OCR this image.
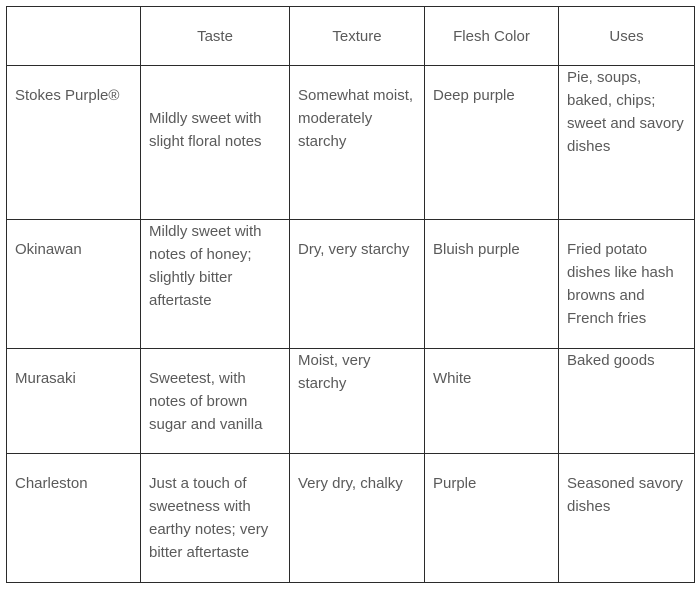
	Taste	Texture	Flesh Color	Uses

Stokes Purple®	Mildly sweet with slight floral notes	Somewhat moist, moderately starchy	Deep purple	Pie, soups, baked, chips; sweet and savory dishes

Okinawan	Mildly sweet with notes of honey; slightly bitter aftertaste	Dry, very starchy	Bluish purple	Fried potato dishes like hash browns and French fries

Murasaki	Sweetest, with notes of brown sugar and vanilla	Moist, very starchy	White	Baked goods

Charleston	Just a touch of sweetness with earthy notes; very bitter aftertaste	Very dry, chalky	Purple	Seasoned savory dishes
